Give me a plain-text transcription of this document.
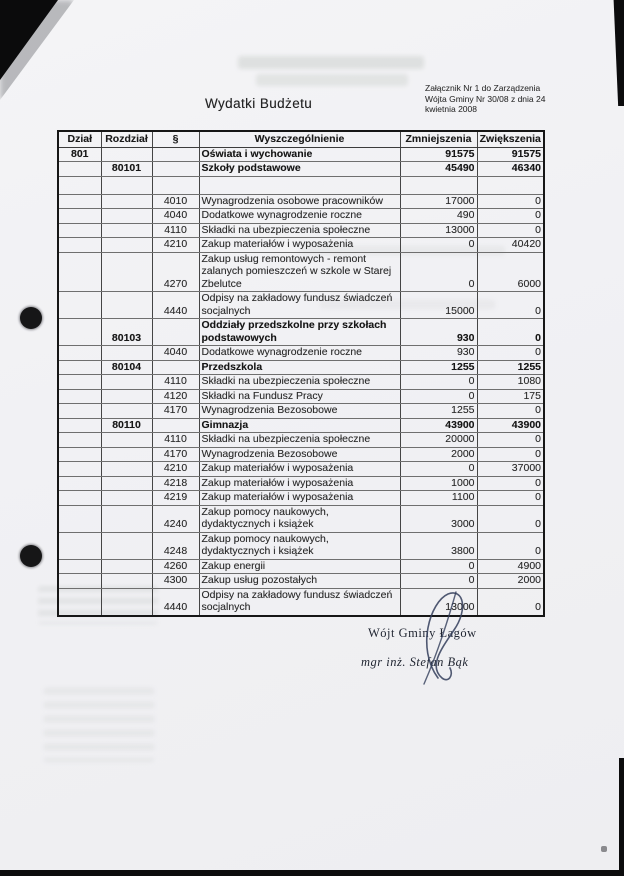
Wydatki Budżetu
Załącznik Nr 1 do Zarządzenia
Wójta Gminy Nr 30/08 z dnia 24
kwietnia 2008
Dział	Rozdział	§	Wyszczególnienie	Zmniejszenia	Zwiększenia
801			Oświata i wychowanie	91575	91575
	80101		Szkoły podstawowe	45490	46340

		4010	Wynagrodzenia osobowe pracowników	17000	0
		4040	Dodatkowe wynagrodzenie roczne	490	0
		4110	Składki na ubezpieczenia społeczne	13000	0
		4210	Zakup materiałów i wyposażenia	0	40420
		4270	Zakup usług remontowych - remont zalanych pomieszczeń w szkole w Starej Zbelutce	0	6000
		4440	Odpisy na zakładowy fundusz świadczeń socjalnych	15000	0
	80103		Oddziały przedszkolne przy szkołach podstawowych	930	0
		4040	Dodatkowe wynagrodzenie roczne	930	0
	80104		Przedszkola	1255	1255
		4110	Składki na ubezpieczenia społeczne	0	1080
		4120	Składki na Fundusz Pracy	0	175
		4170	Wynagrodzenia Bezosobowe	1255	0
	80110		Gimnazja	43900	43900
		4110	Składki na ubezpieczenia społeczne	20000	0
		4170	Wynagrodzenia Bezosobowe	2000	0
		4210	Zakup materiałów i wyposażenia	0	37000
		4218	Zakup materiałów i wyposażenia	1000	0
		4219	Zakup materiałów i wyposażenia	1100	0
		4240	Zakup pomocy naukowych, dydaktycznych i książek	3000	0
		4248	Zakup pomocy naukowych, dydaktycznych i książek	3800	0
		4260	Zakup energii	0	4900
		4300	Zakup usług pozostałych	0	2000
		4440	Odpisy na zakładowy fundusz świadczeń socjalnych	13000	0
Wójt Gminy Łagów
mgr inż. Stefan Bąk
